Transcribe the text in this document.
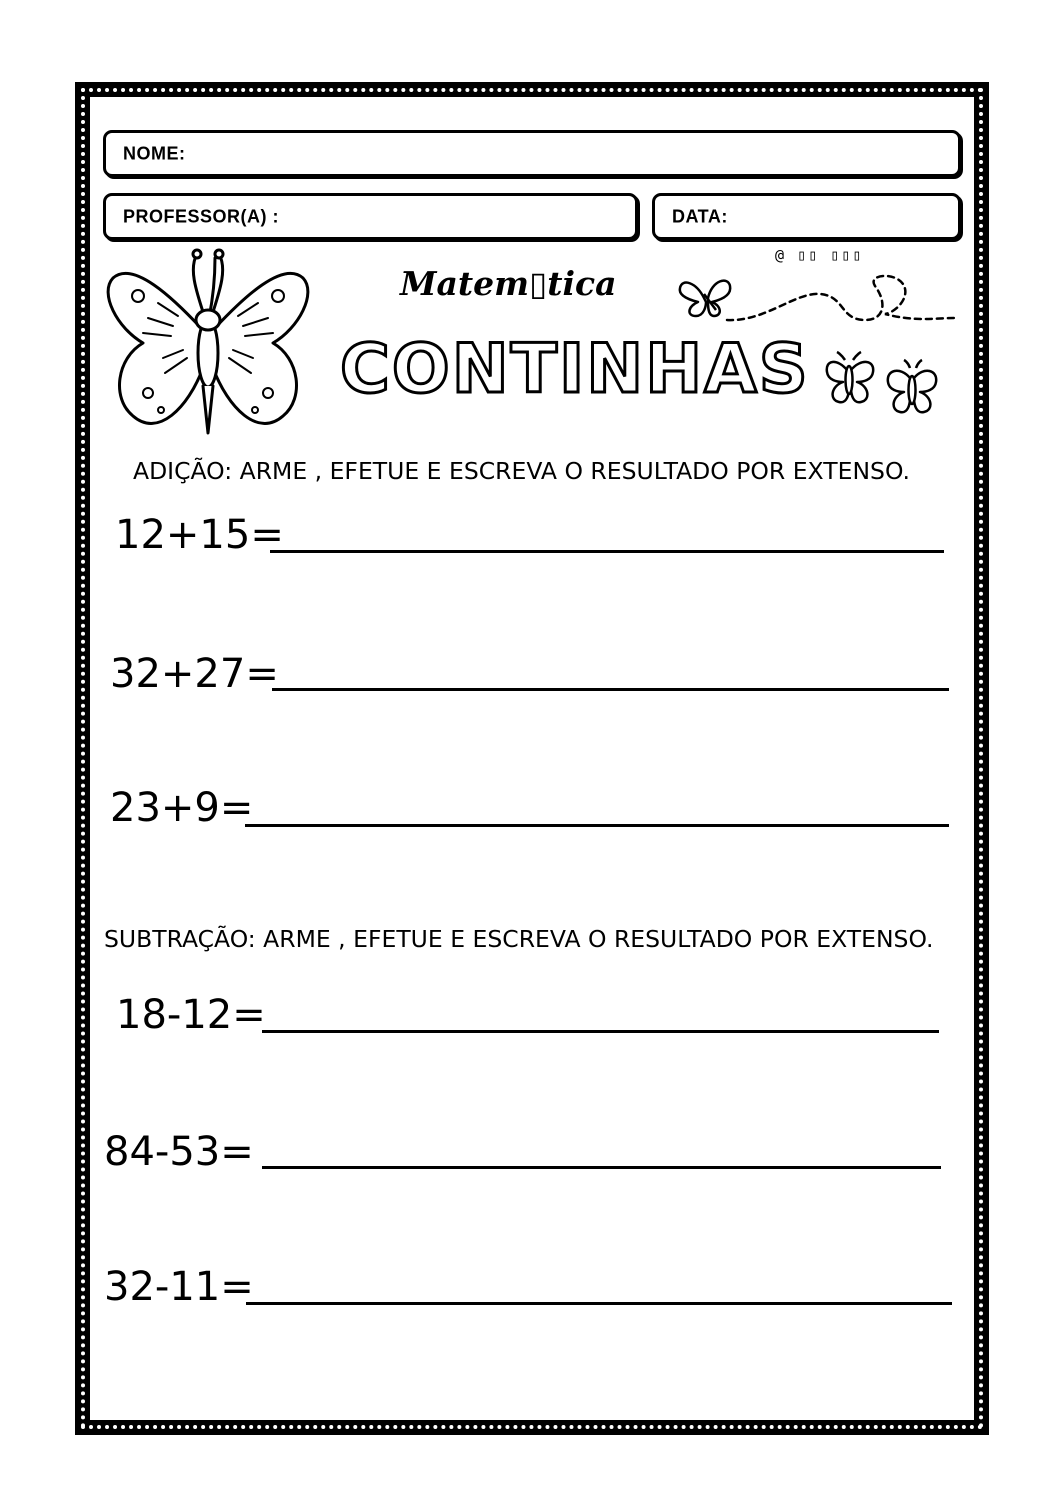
NOME:
PROFESSOR(A) :	DATA:
@ ▯▯ ▯▯▯
Matem▯tica
CONTINHAS
ADIÇÃO: ARME , EFETUE E ESCREVA O RESULTADO POR EXTENSO.
12+15=
32+27=
23+9=
SUBTRAÇÃO: ARME , EFETUE E ESCREVA O RESULTADO POR EXTENSO.
18-12=
84-53=
32-11=
